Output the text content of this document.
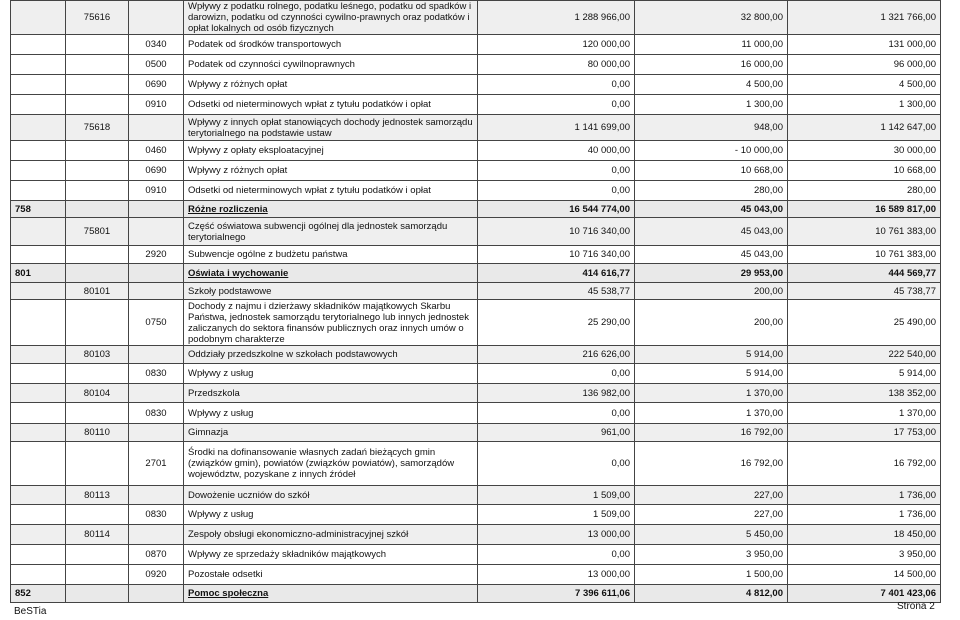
	75616		Wpływy z podatku rolnego, podatku leśnego, podatku od spadków i darowizn, podatku od czynności cywilno-prawnych oraz podatków i opłat lokalnych od osób fizycznych	1 288 966,00	32 800,00	1 321 766,00
		0340	Podatek od środków transportowych	120 000,00	11 000,00	131 000,00
		0500	Podatek od czynności cywilnoprawnych	80 000,00	16 000,00	96 000,00
		0690	Wpływy z różnych opłat	0,00	4 500,00	4 500,00
		0910	Odsetki od nieterminowych wpłat z tytułu podatków i opłat	0,00	1 300,00	1 300,00
	75618		Wpływy z innych opłat stanowiących dochody jednostek samorządu terytorialnego na podstawie ustaw	1 141 699,00	948,00	1 142 647,00
		0460	Wpływy z opłaty eksploatacyjnej	40 000,00	- 10 000,00	30 000,00
		0690	Wpływy z różnych opłat	0,00	10 668,00	10 668,00
		0910	Odsetki od nieterminowych wpłat z tytułu podatków i opłat	0,00	280,00	280,00
758			Różne rozliczenia	16 544 774,00	45 043,00	16 589 817,00
	75801		Część oświatowa subwencji ogólnej dla jednostek samorządu terytorialnego	10 716 340,00	45 043,00	10 761 383,00
		2920	Subwencje ogólne z budżetu państwa	10 716 340,00	45 043,00	10 761 383,00
801			Oświata i wychowanie	414 616,77	29 953,00	444 569,77
	80101		Szkoły podstawowe	45 538,77	200,00	45 738,77
		0750	Dochody z najmu i dzierżawy składników majątkowych Skarbu Państwa, jednostek samorządu terytorialnego lub innych jednostek zaliczanych do sektora finansów publicznych oraz innych umów o podobnym charakterze	25 290,00	200,00	25 490,00
	80103		Oddziały przedszkolne w szkołach podstawowych	216 626,00	5 914,00	222 540,00
		0830	Wpływy z usług	0,00	5 914,00	5 914,00
	80104		Przedszkola	136 982,00	1 370,00	138 352,00
		0830	Wpływy z usług	0,00	1 370,00	1 370,00
	80110		Gimnazja	961,00	16 792,00	17 753,00
		2701	Środki na dofinansowanie własnych zadań bieżących gmin (związków gmin), powiatów (związków powiatów), samorządów województw, pozyskane z innych źródeł	0,00	16 792,00	16 792,00
	80113		Dowożenie uczniów do szkół	1 509,00	227,00	1 736,00
		0830	Wpływy z usług	1 509,00	227,00	1 736,00
	80114		Zespoły obsługi ekonomiczno-administracyjnej szkół	13 000,00	5 450,00	18 450,00
		0870	Wpływy ze sprzedaży składników majątkowych	0,00	3 950,00	3 950,00
		0920	Pozostałe odsetki	13 000,00	1 500,00	14 500,00
852			Pomoc społeczna	7 396 611,06	4 812,00	7 401 423,06
BeSTia	Strona 2
